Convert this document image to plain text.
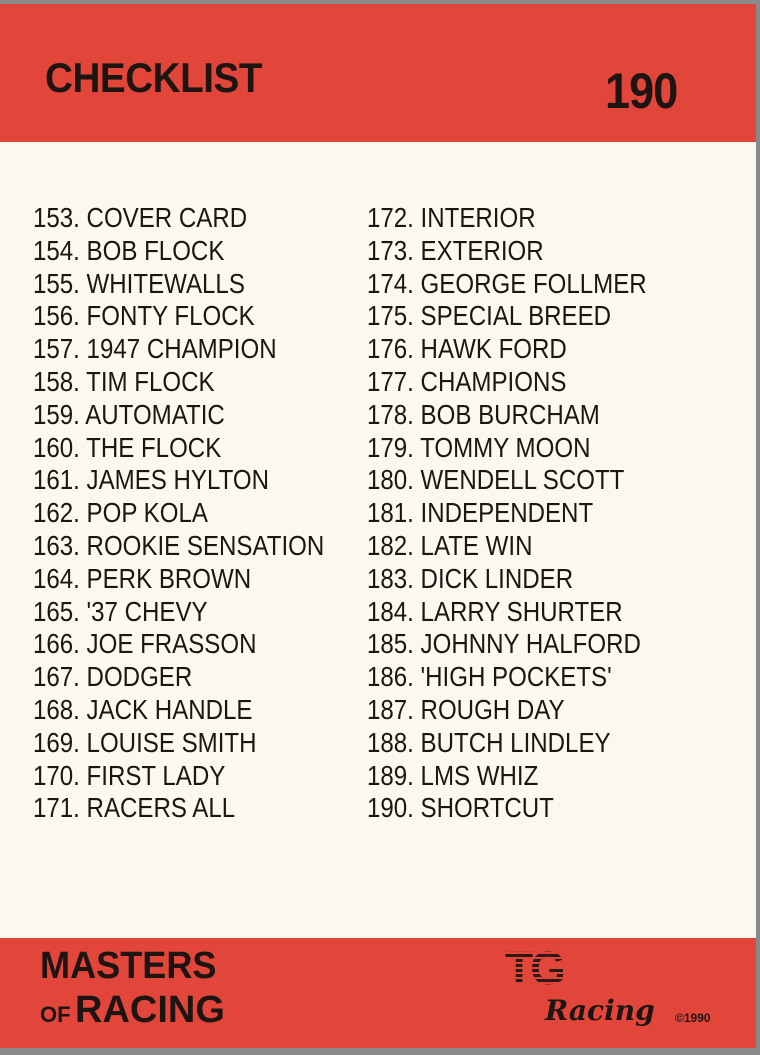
CHECKLIST	190
153. COVER CARD
154. BOB FLOCK
155. WHITEWALLS
156. FONTY FLOCK
157. 1947 CHAMPION
158. TIM FLOCK
159. AUTOMATIC
160. THE FLOCK
161. JAMES HYLTON
162. POP KOLA
163. ROOKIE SENSATION
164. PERK BROWN
165. '37 CHEVY
166. JOE FRASSON
167. DODGER
168. JACK HANDLE
169. LOUISE SMITH
170. FIRST LADY
171. RACERS ALL
172. INTERIOR
173. EXTERIOR
174. GEORGE FOLLMER
175. SPECIAL BREED
176. HAWK FORD
177. CHAMPIONS
178. BOB BURCHAM
179. TOMMY MOON
180. WENDELL SCOTT
181. INDEPENDENT
182. LATE WIN
183. DICK LINDER
184. LARRY SHURTER
185. JOHNNY HALFORD
186. 'HIGH POCKETS'
187. ROUGH DAY
188. BUTCH LINDLEY
189. LMS WHIZ
190. SHORTCUT
MASTERS
OF RACING
TG
Racing ©1990
